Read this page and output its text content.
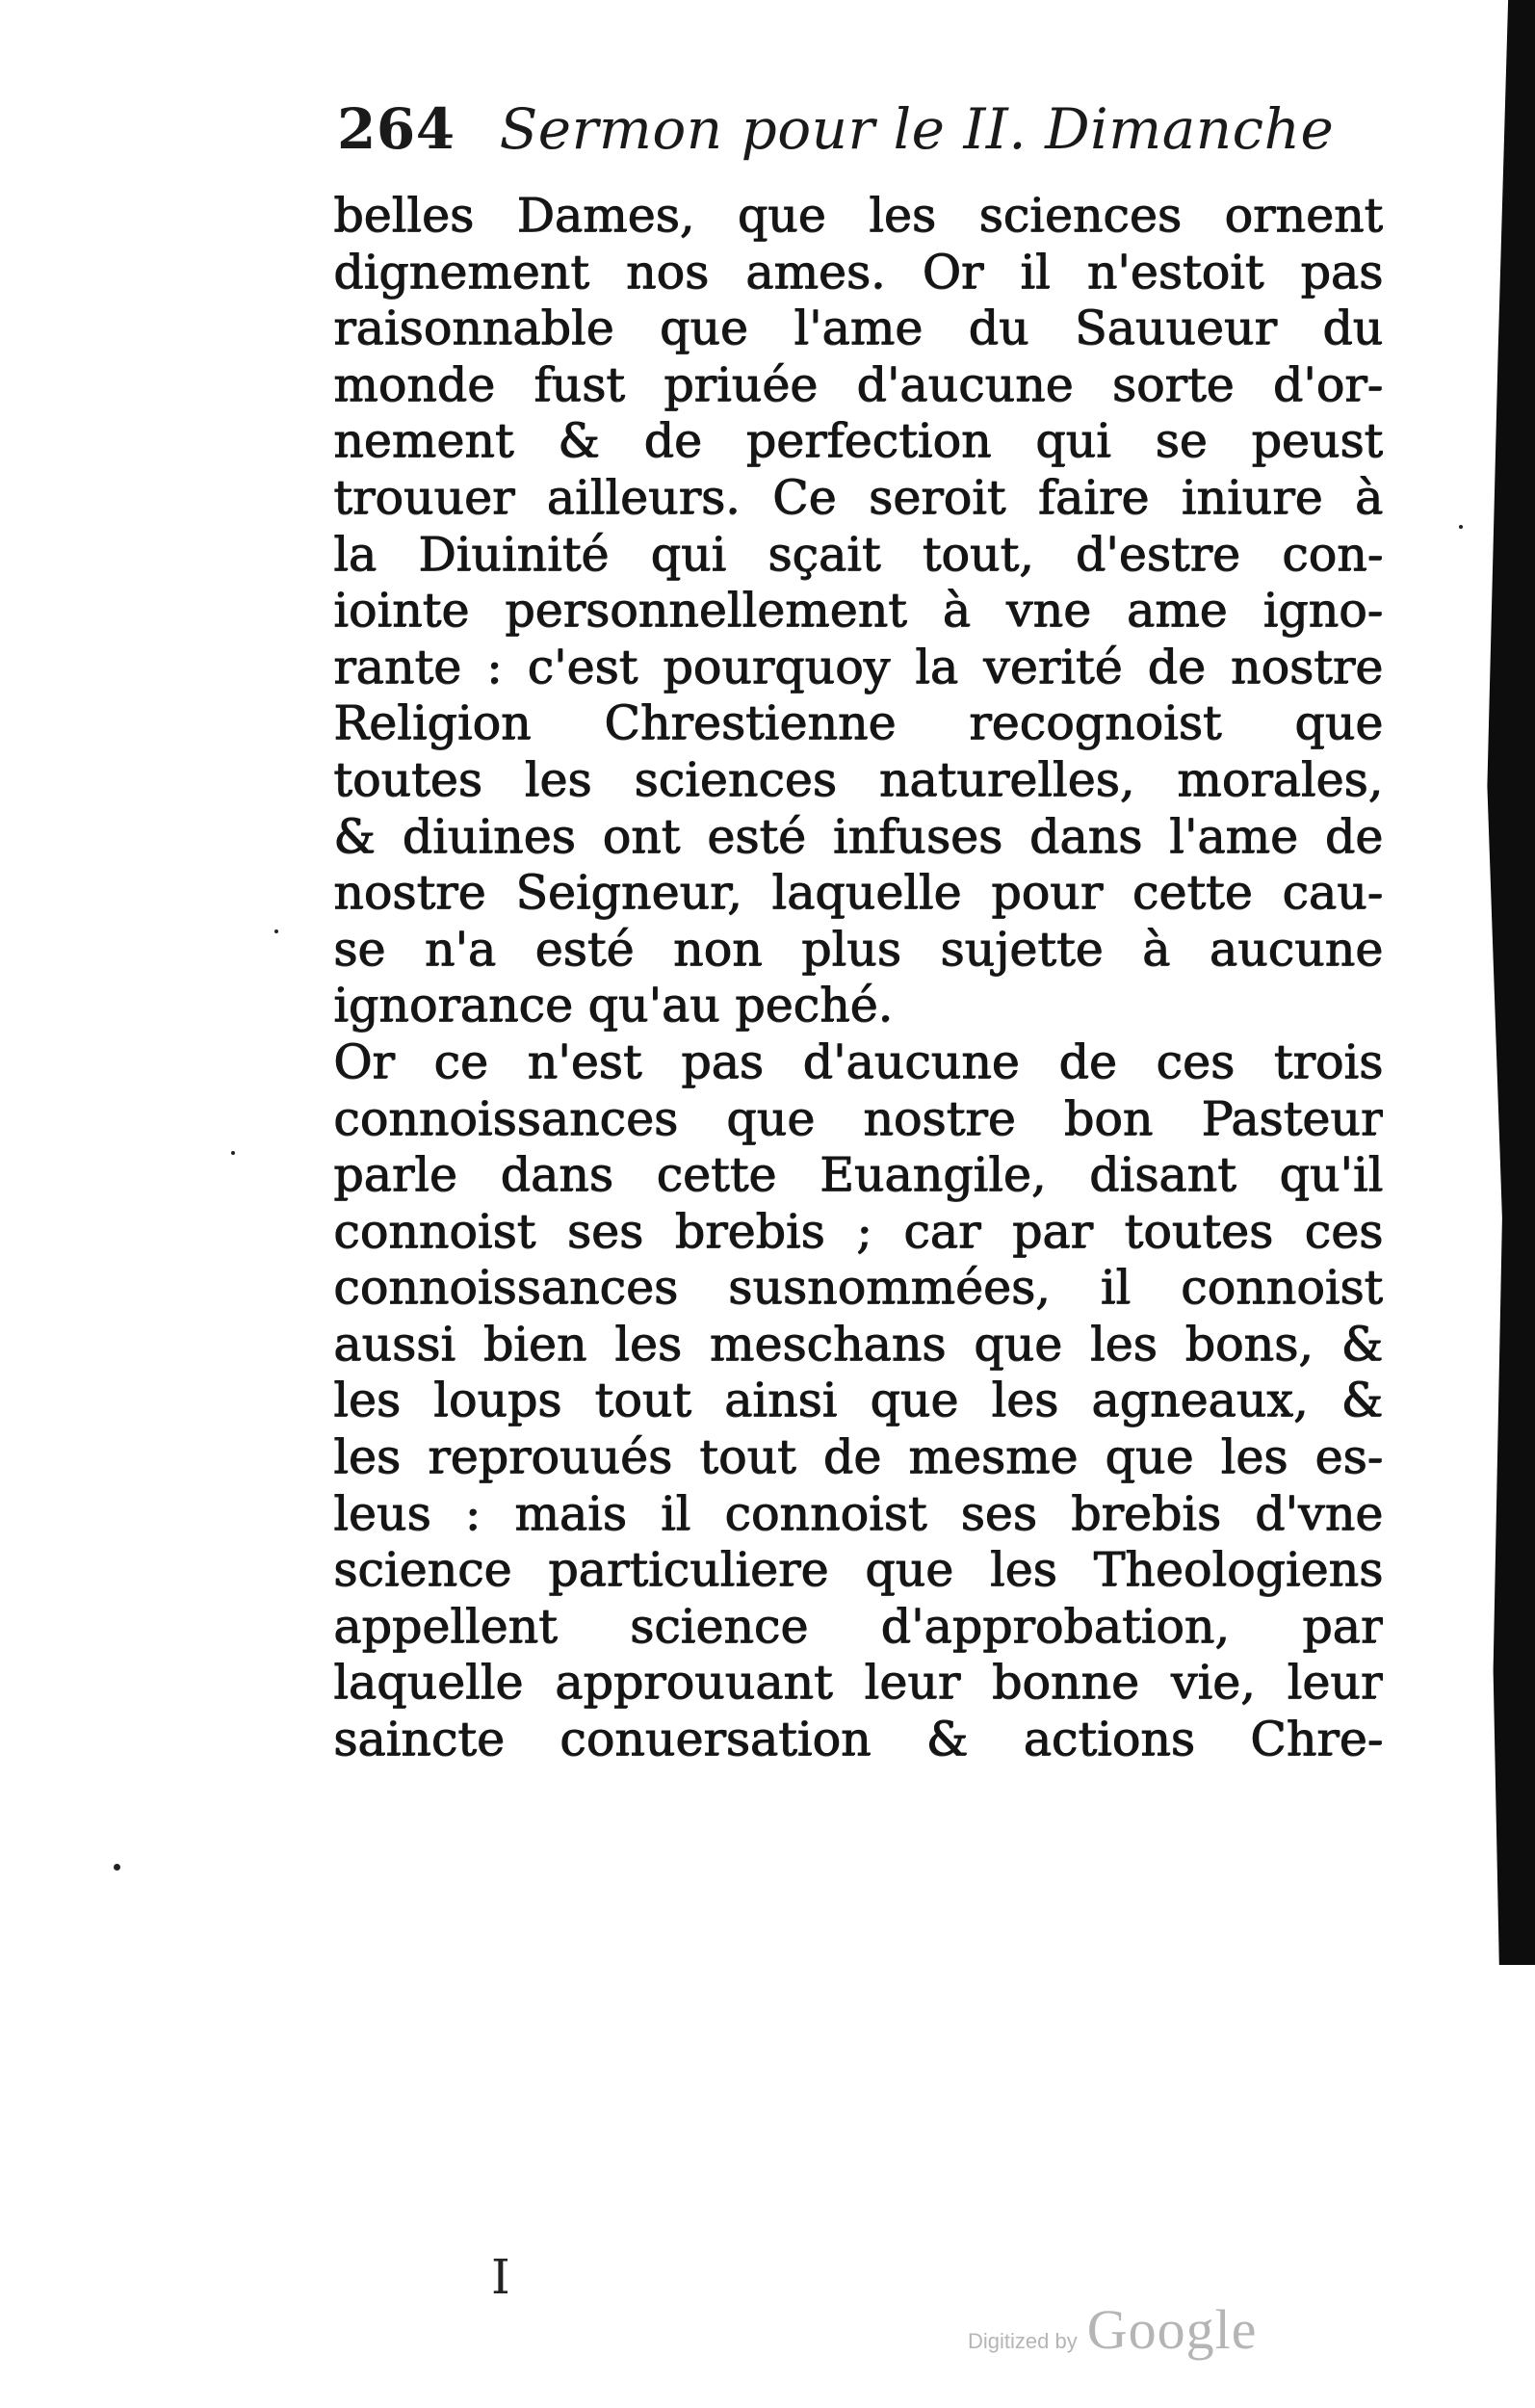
264 Sermon pour le II. Dimanche
belles Dames, que les sciences ornent
dignement nos ames. Or il n'estoit pas
raisonnable que l'ame du Sauueur du
monde fust priuée d'aucune sorte d'or-
nement & de perfection qui se peust
trouuer ailleurs. Ce seroit faire iniure à
la Diuinité qui sçait tout, d'estre con-
iointe personnellement à vne ame igno-
rante : c'est pourquoy la verité de nostre
Religion Chrestienne recognoist que
toutes les sciences naturelles, morales,
& diuines ont esté infuses dans l'ame de
nostre Seigneur, laquelle pour cette cau-
se n'a esté non plus sujette à aucune
ignorance qu'au peché.
Or ce n'est pas d'aucune de ces trois
connoissances que nostre bon Pasteur
parle dans cette Euangile, disant qu'il
connoist ses brebis ; car par toutes ces
connoissances susnommées, il connoist
aussi bien les meschans que les bons, &
les loups tout ainsi que les agneaux, &
les reprouués tout de mesme que les es-
leus : mais il connoist ses brebis d'vne
science particuliere que les Theologiens
appellent science d'approbation, par
laquelle approuuant leur bonne vie, leur
saincte conuersation & actions Chre-
I
Digitized by Google
